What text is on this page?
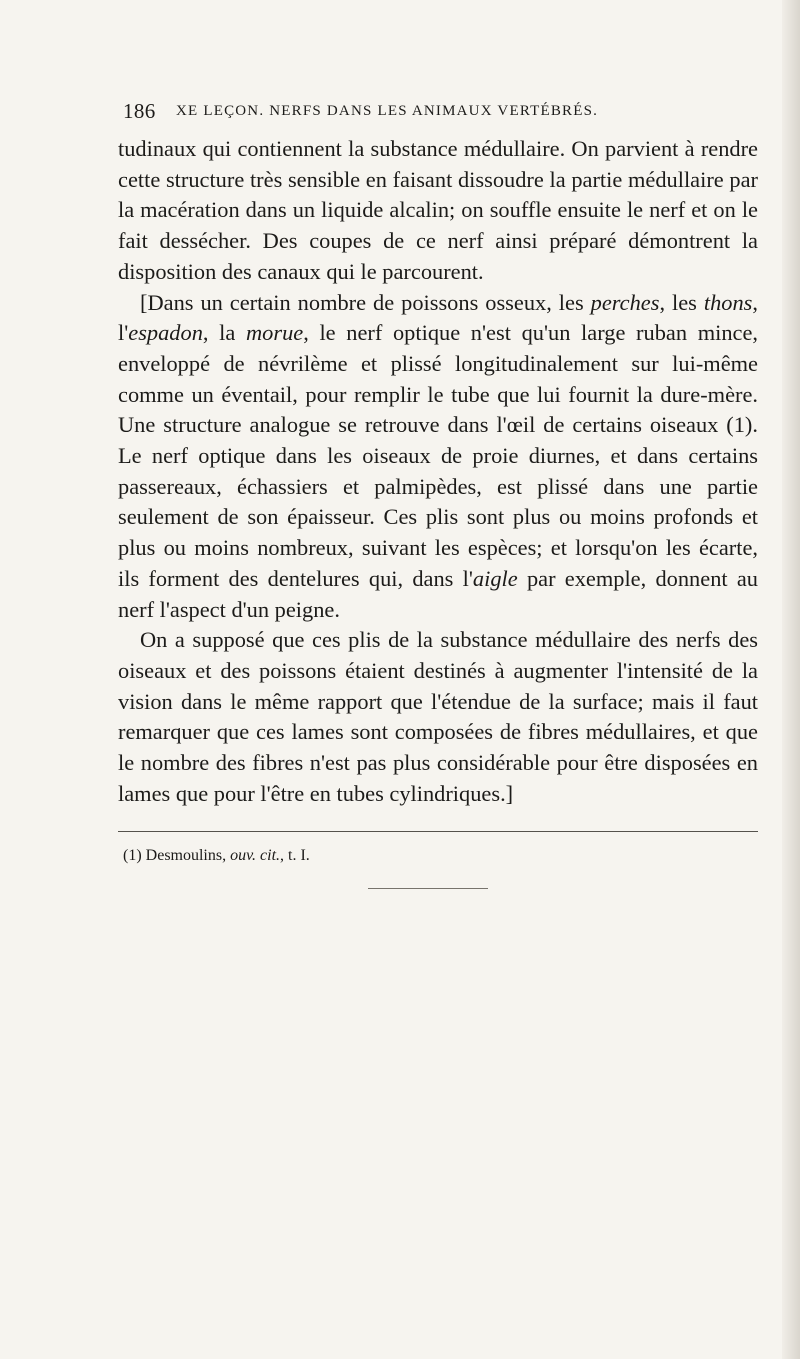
186 XE LEÇON. NERFS DANS LES ANIMAUX VERTÉBRÉS.

tudinaux qui contiennent la substance médullaire. On parvient à rendre cette structure très sensible en faisant dissoudre la partie médullaire par la macération dans un liquide alcalin; on souffle ensuite le nerf et on le fait dessécher. Des coupes de ce nerf ainsi préparé démontrent la disposition des canaux qui le parcourent.

[Dans un certain nombre de poissons osseux, les perches, les thons, l'espadon, la morue, le nerf optique n'est qu'un large ruban mince, enveloppé de névrilème et plissé longitudinalement sur lui-même comme un éventail, pour remplir le tube que lui fournit la dure-mère. Une structure analogue se retrouve dans l'œil de certains oiseaux (1). Le nerf optique dans les oiseaux de proie diurnes, et dans certains passereaux, échassiers et palmipèdes, est plissé dans une partie seulement de son épaisseur. Ces plis sont plus ou moins profonds et plus ou moins nombreux, suivant les espèces; et lorsqu'on les écarte, ils forment des dentelures qui, dans l'aigle par exemple, donnent au nerf l'aspect d'un peigne.

On a supposé que ces plis de la substance médullaire des nerfs des oiseaux et des poissons étaient destinés à augmenter l'intensité de la vision dans le même rapport que l'étendue de la surface; mais il faut remarquer que ces lames sont composées de fibres médullaires, et que le nombre des fibres n'est pas plus considérable pour être disposées en lames que pour l'être en tubes cylindriques.]

(1) Desmoulins, ouv. cit., t. I.
